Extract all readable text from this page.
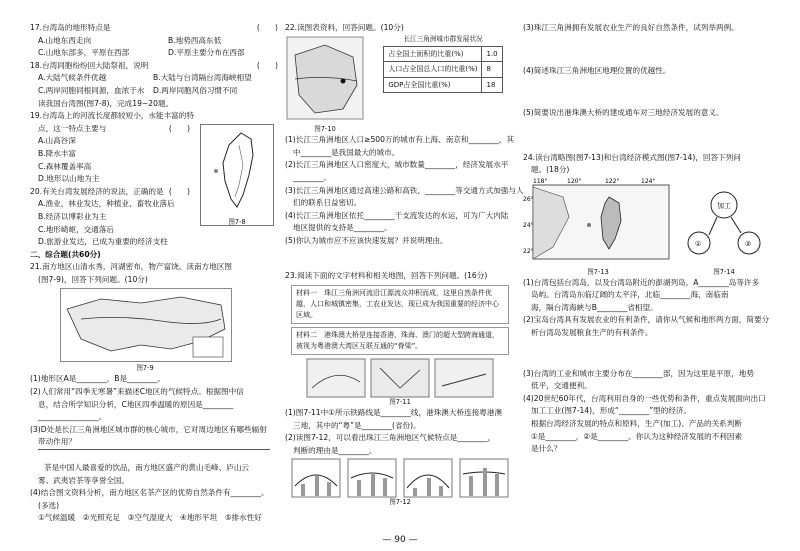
17.台湾岛的地形特点是	(　　)
A.山地东西走向	B.地势西高东低
C.山地东部多，平原在西部	D.平原主要分布在西部
18.台湾同胞纷纷回大陆祭祖，说明	(　　)
A.大陆气候条件优越	B.大陆与台湾隔台湾海峡相望
C.两岸同胞同根同源，血浓于水 D.两岸同胞风俗习惯不同
读我国台湾图(图7-8)，完成19~20题。
19.台湾岛上的河流长度都较短小，水能丰富的特
点，这一特点主要与	(　　)
A.山高谷深
B.降水丰富
C.森林覆盖率高
D.地形以山地为主
20.有关台湾发展经济的说法，正确的是 (　　)
A.渔业、林业发达，种植业、畜牧业落后
B.经济以博彩业为主
C.地形崎岖，交通落后
D.旅游业发达，已成为重要的经济支柱
图7-8
二、综合题(共60分)
21.南方地区山清水秀，河湖密布，物产富饶。读南方地区图
(图7-9)，回答下列问题。(10分)
图7-9
(1)地形区A是________，B是________。
(2)人们常用“四季无寒暑”来描述C地区的气候特点。根据图中信
息，结合所学知识分析，C地区四季温暖的原因是________
________________。
(3)D处是长江三角洲地区城市群的核心城市，它对周边地区有哪些辐射
带动作用？
茶是中国人最喜爱的饮品，南方地区盛产的黄山毛峰、庐山云
雾、武夷岩茶等享誉全国。
(4)结合图文资料分析，南方地区名茶产区的优势自然条件有________。
(多选)
①气候温暖　②光照充足　③空气湿度大　④地形平坦　⑤排水性好
22.读图表资料，回答问题。(10分)
图7-10
长江三角洲城市群发展状况
占全国土面积的比重(%)	1.0
人口占全国总人口的比重(%)	8
GDP占全国比重(%)	18
(1)长江三角洲地区人口≥500万的城市有上海、南京和________，其
中________是我国最大的城市。
(2)长江三角洲地区人口密度大，城市数量________，经济发展水平
________。
(3)长江三角洲地区通过高速公路和高铁、________等交通方式加强与人
们的联系日益密切。
(4)长江三角洲地区依托________干支流发达的水运，可为广大内陆
地区提供的支持是________。
(5)你认为城市应不应该快速发展？并说明理由。
23.阅读下面的文字材料和相关地图，回答下列问题。(16分)
材料一　珠江三角洲河流沿江源流众冲积而成，这里自然条件优越，人口和城镇密集，工农业发达，现已成为我国重要的经济中心区域。
材料二　港珠澳大桥是连接香港、珠海、澳门的超大型跨海通道，被视为粤港澳大湾区互联互通的“脊梁”。
图7-11
(1)图7-11中①所示铁路线是________线，港珠澳大桥连接粤港澳
三地，其中的“粤”是________(省份)。
(2)读图7-12，可以看出珠江三角洲地区气候特点是________，
判断的理由是________。
图7-12
(3)珠江三角洲拥有发展农业生产的良好自然条件，试列举两例。
(4)简述珠江三角洲地区地理位置的优越性。
(5)简要说出港珠澳大桥的建成通车对三地经济发展的意义。
24.读台湾略图(图7-13)和台湾经济模式图(图7-14)，回答下列问
题。(18分)
118°	120°	122°	124°
26°
24°
22°
图7-13
加工
①	②
图7-14
(1)台湾包括台湾岛，以及台湾岛附近的澎湖列岛，A________岛等许多
岛屿。台湾岛东临辽阔的太平洋，北临________海，南临南
海，隔台湾海峡与B________省相望。
(2)宝岛台湾具有发展农业的有利条件，请你从气候和地形两方面，简要分
析台湾岛发展粮食生产的有利条件。
(3)台湾的工业和城市主要分布在________部，因为这里是平原，地势
低平，交通便利。
(4)20世纪60年代，台湾利用自身的一些优势和条件，重点发展面向出口
加工工业(图7-14)，形成“________”型的经济。
根据台湾经济发展的特点和原料，生产(加工)、产品的关系判断
①是________，②是________。你认为这种经济发展的不利因素
是什么？
— 90 —
